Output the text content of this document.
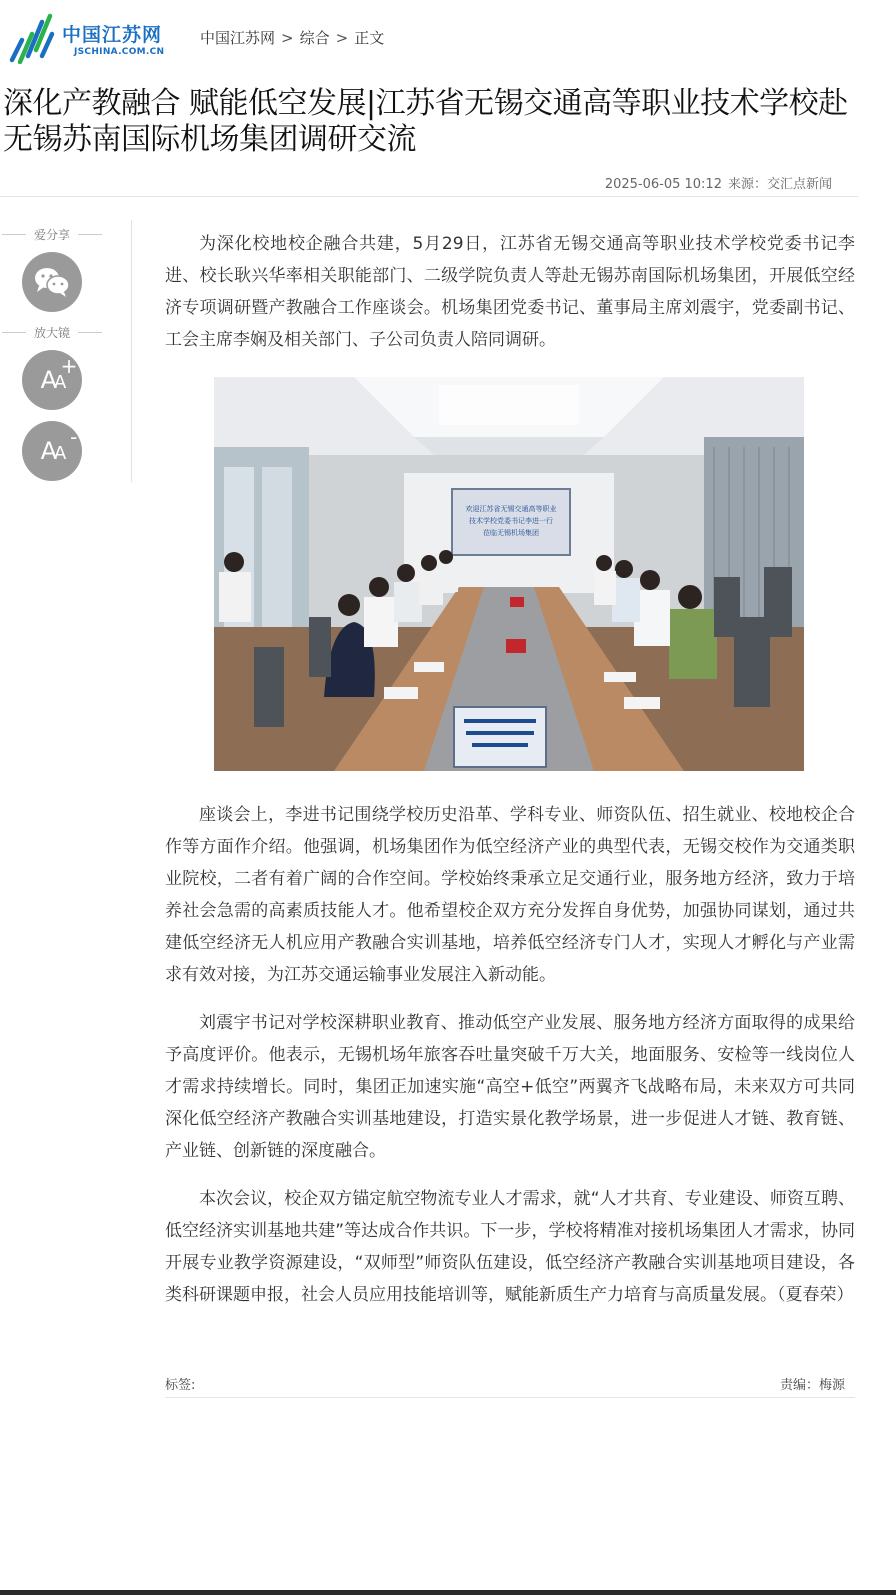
中国江苏网
JSCHINA.COM.CN
中国江苏网 > 综合 > 正文
深化产教融合 赋能低空发展|江苏省无锡交通高等职业技术学校赴无锡苏南国际机场集团调研交流
2025-06-05 10:12 来源：交汇点新闻
爱分享
放大镜
AA
+
AA
-

为深化校地校企融合共建，5月29日，江苏省无锡交通高等职业技术学校党委书记李进、校长耿兴华率相关职能部门、二级学院负责人等赴无锡苏南国际机场集团，开展低空经济专项调研暨产教融合工作座谈会。机场集团党委书记、董事局主席刘震宇，党委副书记、工会主席李娴及相关部门、子公司负责人陪同调研。

座谈会上，李进书记围绕学校历史沿革、学科专业、师资队伍、招生就业、校地校企合作等方面作介绍。他强调，机场集团作为低空经济产业的典型代表，无锡交校作为交通类职业院校，二者有着广阔的合作空间。学校始终秉承立足交通行业，服务地方经济，致力于培养社会急需的高素质技能人才。他希望校企双方充分发挥自身优势，加强协同谋划，通过共建低空经济无人机应用产教融合实训基地，培养低空经济专门人才，实现人才孵化与产业需求有效对接，为江苏交通运输事业发展注入新动能。

刘震宇书记对学校深耕职业教育、推动低空产业发展、服务地方经济方面取得的成果给予高度评价。他表示，无锡机场年旅客吞吐量突破千万大关，地面服务、安检等一线岗位人才需求持续增长。同时，集团正加速实施“高空+低空”两翼齐飞战略布局，未来双方可共同深化低空经济产教融合实训基地建设，打造实景化教学场景，进一步促进人才链、教育链、产业链、创新链的深度融合。

本次会议，校企双方锚定航空物流专业人才需求，就“人才共育、专业建设、师资互聘、低空经济实训基地共建”等达成合作共识。下一步，学校将精准对接机场集团人才需求，协同开展专业教学资源建设，“双师型”师资队伍建设，低空经济产教融合实训基地项目建设，各类科研课题申报，社会人员应用技能培训等，赋能新质生产力培育与高质量发展。（夏春荣）

欢迎江苏省无锡交通高等职业
技术学校党委书记李进一行
莅临无锡机场集团
标签:	责编：梅源
